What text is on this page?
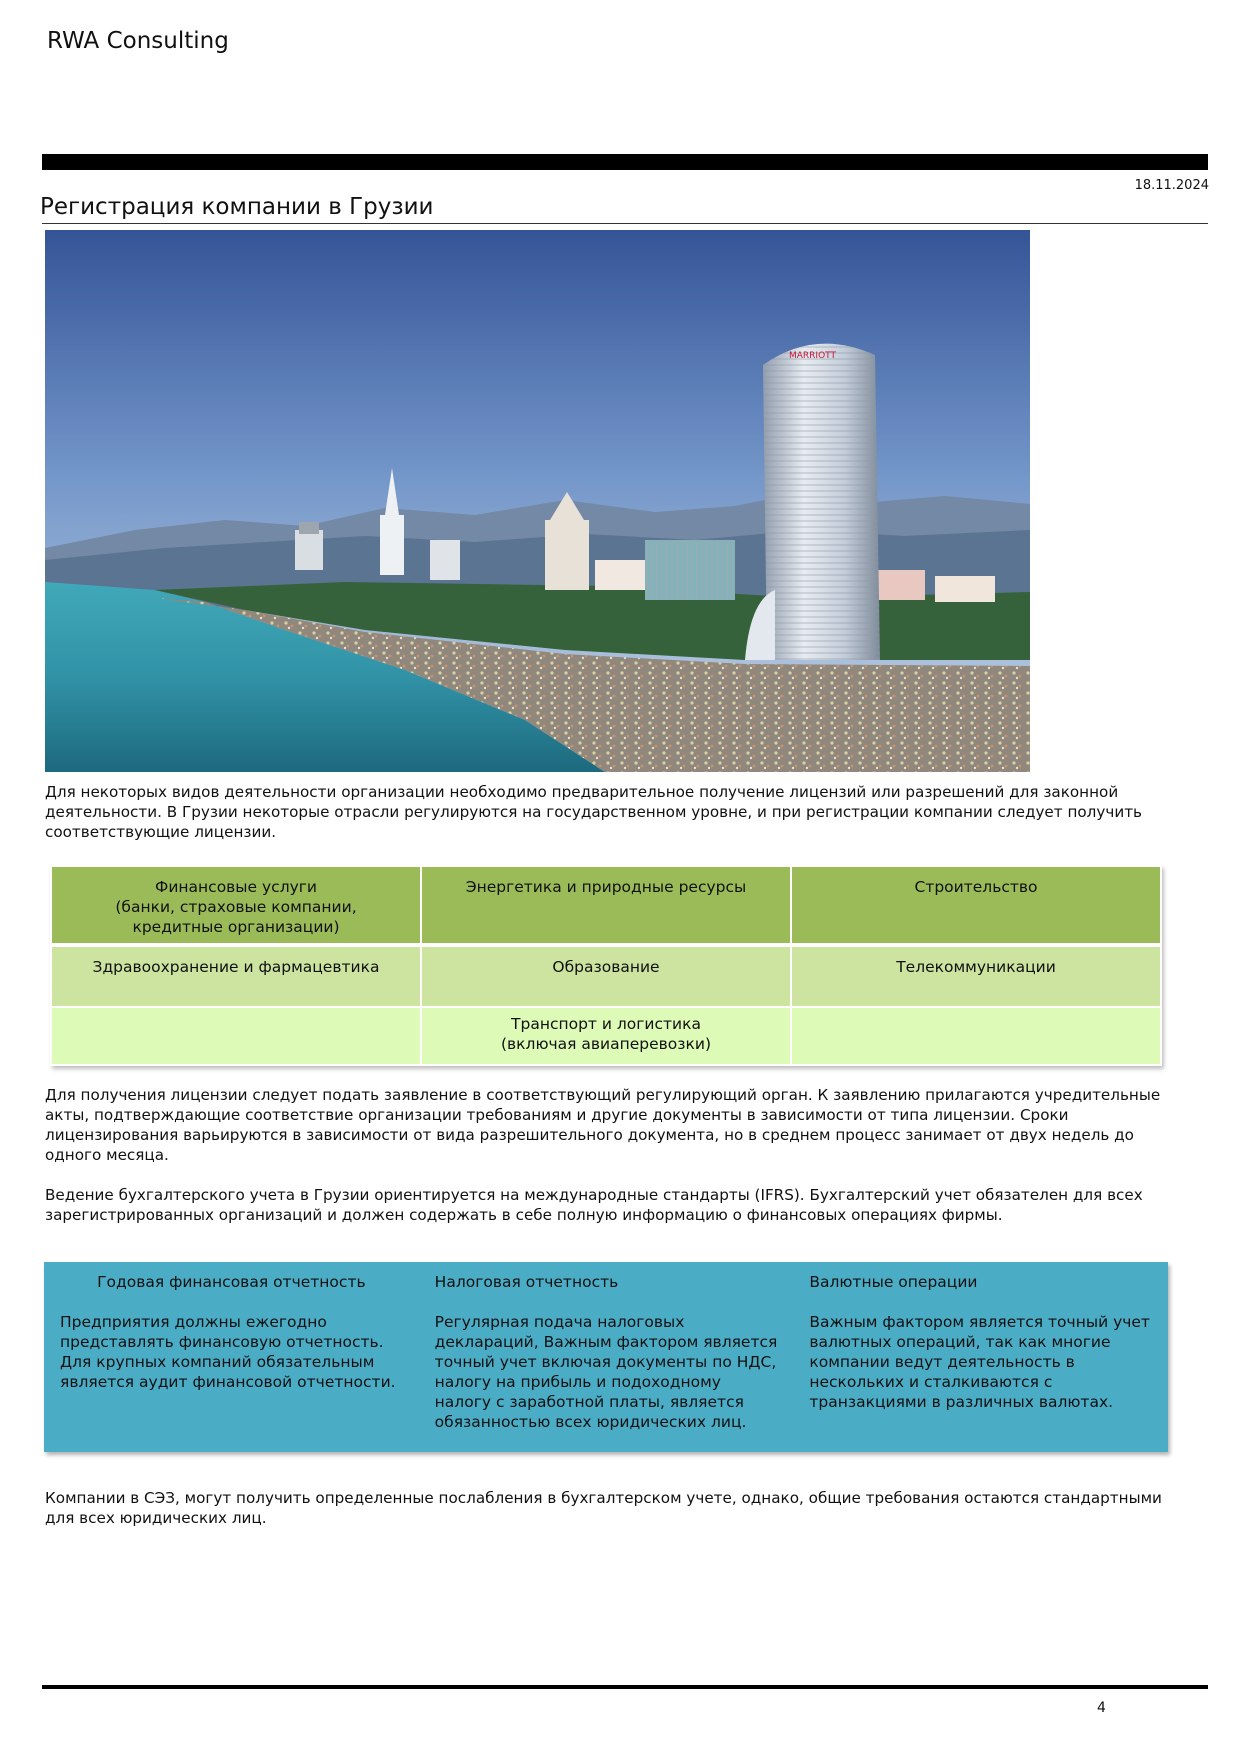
RWA Consulting
18.11.2024
Регистрация компании в Грузии
MARRIOTT
Для некоторых видов деятельности организации необходимо предварительное получение лицензий или разрешений для законной деятельности. В Грузии некоторые отрасли регулируются на государственном уровне, и при регистрации компании следует получить соответствующие лицензии.
Финансовые услуги
(банки, страховые компании,
кредитные организации)	Энергетика и природные ресурсы	Строительство
Здравоохранение и фармацевтика	Образование	Телекоммуникации

	Транспорт и логистика
(включая авиаперевозки)	

Для получения лицензии следует подать заявление в соответствующий регулирующий орган. К заявлению прилагаются учредительные акты, подтверждающие соответствие организации требованиям и другие документы в зависимости от типа лицензии. Сроки лицензирования варьируются в зависимости от вида разрешительного документа, но в среднем процесс занимает от двух недель до одного месяца.
Ведение бухгалтерского учета в Грузии ориентируется на международные стандарты (IFRS). Бухгалтерский учет обязателен для всех зарегистрированных организаций и должен содержать в себе полную информацию о финансовых операциях фирмы.
Годовая финансовая отчетность
Предприятия должны ежегодно представлять финансовую отчетность. Для крупных компаний обязательным является аудит финансовой отчетности.
Налоговая отчетность
Регулярная подача налоговых деклараций, Важным фактором является точный учет включая документы по НДС, налогу на прибыль и подоходному налогу с заработной платы, является обязанностью всех юридических лиц.
Валютные операции
Важным фактором является точный учет валютных операций, так как многие компании ведут деятельность в нескольких и сталкиваются с транзакциями в различных валютах.
Компании в СЭЗ, могут получить определенные послабления в бухгалтерском учете, однако, общие требования остаются стандартными для всех юридических лиц.
4
